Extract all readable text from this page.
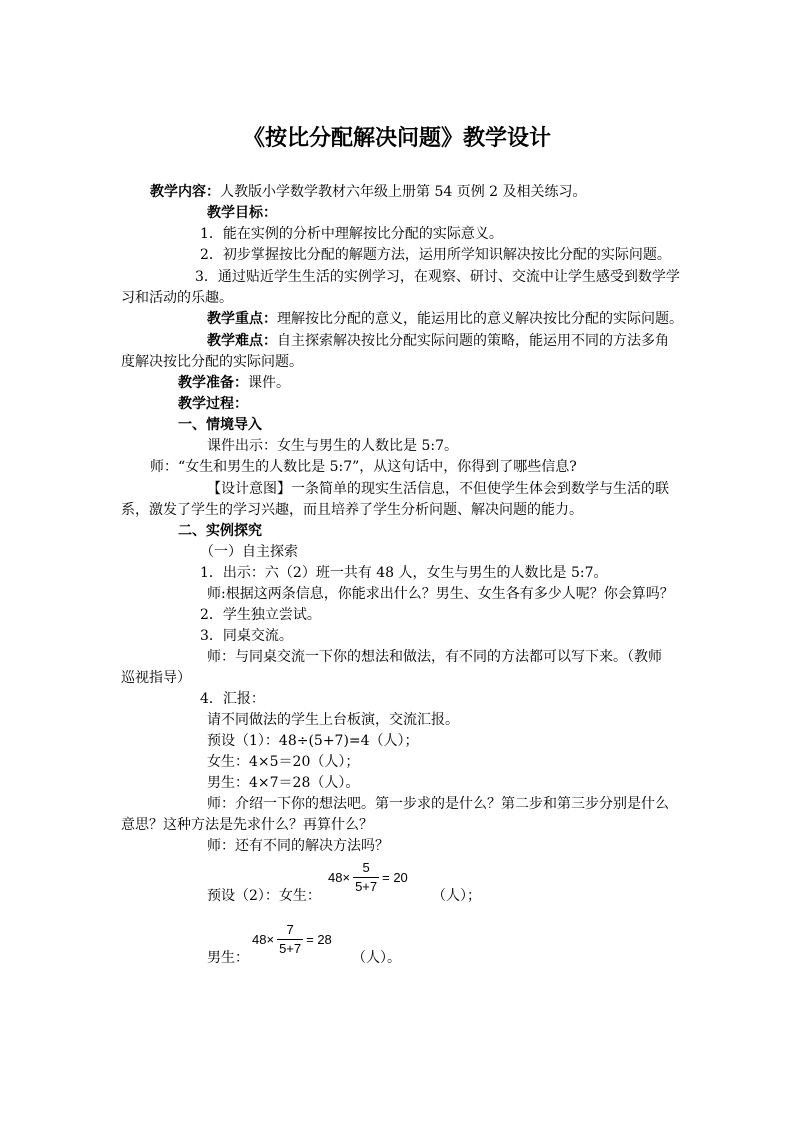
《按比分配解决问题》教学设计
教学内容：人教版小学数学教材六年级上册第 54 页例 2 及相关练习。
教学目标：
1．能在实例的分析中理解按比分配的实际意义。
2．初步掌握按比分配的解题方法，运用所学知识解决按比分配的实际问题。
3．通过贴近学生生活的实例学习，在观察、研讨、交流中让学生感受到数学学
习和活动的乐趣。
教学重点：理解按比分配的意义，能运用比的意义解决按比分配的实际问题。
教学难点：自主探索解决按比分配实际问题的策略，能运用不同的方法多角
度解决按比分配的实际问题。
教学准备：课件。
教学过程：
一、情境导入
课件出示：女生与男生的人数比是 5:7。
师：“女生和男生的人数比是 5:7”，从这句话中，你得到了哪些信息?
【设计意图】一条简单的现实生活信息，不但使学生体会到数学与生活的联
系，激发了学生的学习兴趣，而且培养了学生分析问题、解决问题的能力。
二、实例探究
（一）自主探索
1．出示：六（2）班一共有 48 人，女生与男生的人数比是 5:7。
师:根据这两条信息，你能求出什么？男生、女生各有多少人呢？你会算吗？
2．学生独立尝试。
3．同桌交流。
师：与同桌交流一下你的想法和做法，有不同的方法都可以写下来。（教师
巡视指导）
4．汇报：
请不同做法的学生上台板演，交流汇报。
预设（1）：48÷(5+7)=4（人）；
女生：4×5＝20（人）；
男生：4×7＝28（人）。
师：介绍一下你的想法吧。第一步求的是什么？第二步和第三步分别是什么
意思？这种方法是先求什么？再算什么？
师：还有不同的解决方法吗？
$48 \times \frac{5}{5+7} = 20$
预设（2）：女生：	（人）；
$48 \times \frac{7}{5+7} = 28$
男生：	（人）。
